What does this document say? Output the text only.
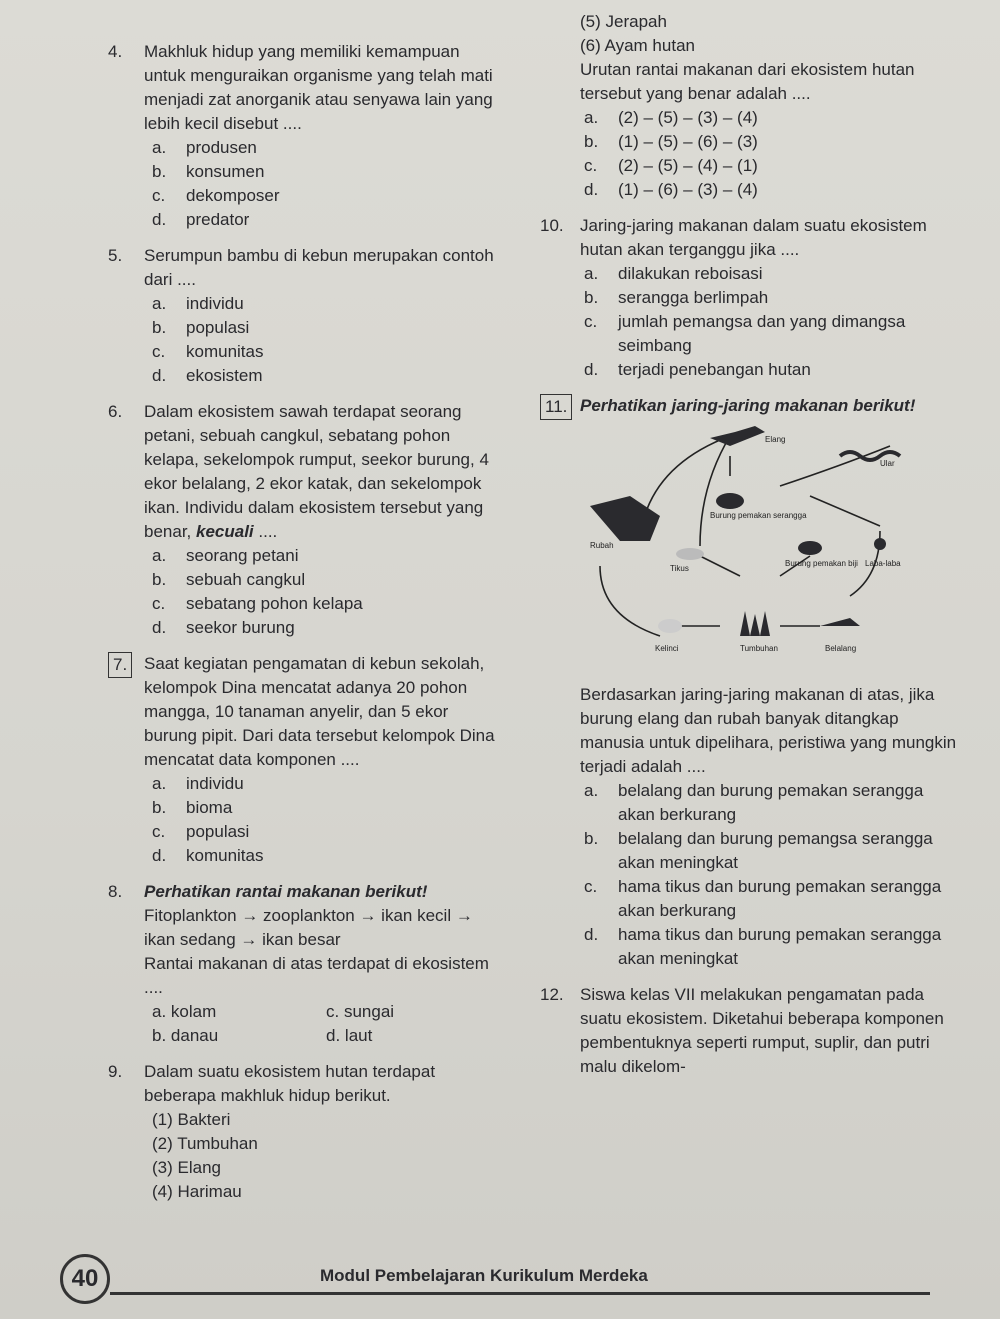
4.	Makhluk hidup yang memiliki kemampuan untuk menguraikan organisme yang telah mati menjadi zat anorganik atau senyawa lain yang lebih kecil disebut ....
a.	produsen
b.	konsumen
c.	dekomposer
d.	predator
5.	Serumpun bambu di kebun merupakan contoh dari ....
a.	individu
b.	populasi
c.	komunitas
d.	ekosistem
6.	Dalam ekosistem sawah terdapat seorang petani, sebuah cangkul, sebatang pohon kelapa, sekelompok rumput, seekor burung, 4 ekor belalang, 2 ekor katak, dan sekelompok ikan. Individu dalam ekosistem tersebut yang benar, kecuali ....
a.	seorang petani
b.	sebuah cangkul
c.	sebatang pohon kelapa
d.	seekor burung
7. Saat kegiatan pengamatan di kebun sekolah, kelompok Dina mencatat adanya 20 pohon mangga, 10 tanaman anyelir, dan 5 ekor burung pipit. Dari data tersebut kelompok Dina mencatat data komponen ....
a.	individu
b.	bioma
c.	populasi
d.	komunitas
8.	Perhatikan rantai makanan berikut!
Fitoplankton → zooplankton → ikan kecil → ikan sedang → ikan besar
Rantai makanan di atas terdapat di ekosistem ....
a. kolam	c. sungai
b. danau	d. laut
9.	Dalam suatu ekosistem hutan terdapat beberapa makhluk hidup berikut.
(1) Bakteri
(2) Tumbuhan
(3) Elang
(4) Harimau
(5) Jerapah
(6) Ayam hutan
Urutan rantai makanan dari ekosistem hutan tersebut yang benar adalah ....
a.	(2) – (5) – (3) – (4)
b.	(1) – (5) – (6) – (3)
c.	(2) – (5) – (4) – (1)
d.	(1) – (6) – (3) – (4)
10. Jaring-jaring makanan dalam suatu ekosistem hutan akan terganggu jika ....
a.	dilakukan reboisasi
b.	serangga berlimpah
c.	jumlah pemangsa dan yang dimangsa seimbang
d.	terjadi penebangan hutan
11. Perhatikan jaring-jaring makanan berikut!
Elang
Ular
Rubah
Burung pemakan serangga
Tikus
Burung pemakan biji Laba-laba
Kelinci	Tumbuhan	Belalang
Berdasarkan jaring-jaring makanan di atas, jika burung elang dan rubah banyak ditangkap manusia untuk dipelihara, peristiwa yang mungkin terjadi adalah ....
a.	belalang dan burung pemakan serangga akan berkurang
b.	belalang dan burung pemangsa serangga akan meningkat
c.	hama tikus dan burung pemakan serangga akan berkurang
d.	hama tikus dan burung pemakan serangga akan meningkat
12. Siswa kelas VII melakukan pengamatan pada suatu ekosistem. Diketahui beberapa komponen pembentuknya seperti rumput, suplir, dan putri malu dikelom-
40	Modul Pembelajaran Kurikulum Merdeka
